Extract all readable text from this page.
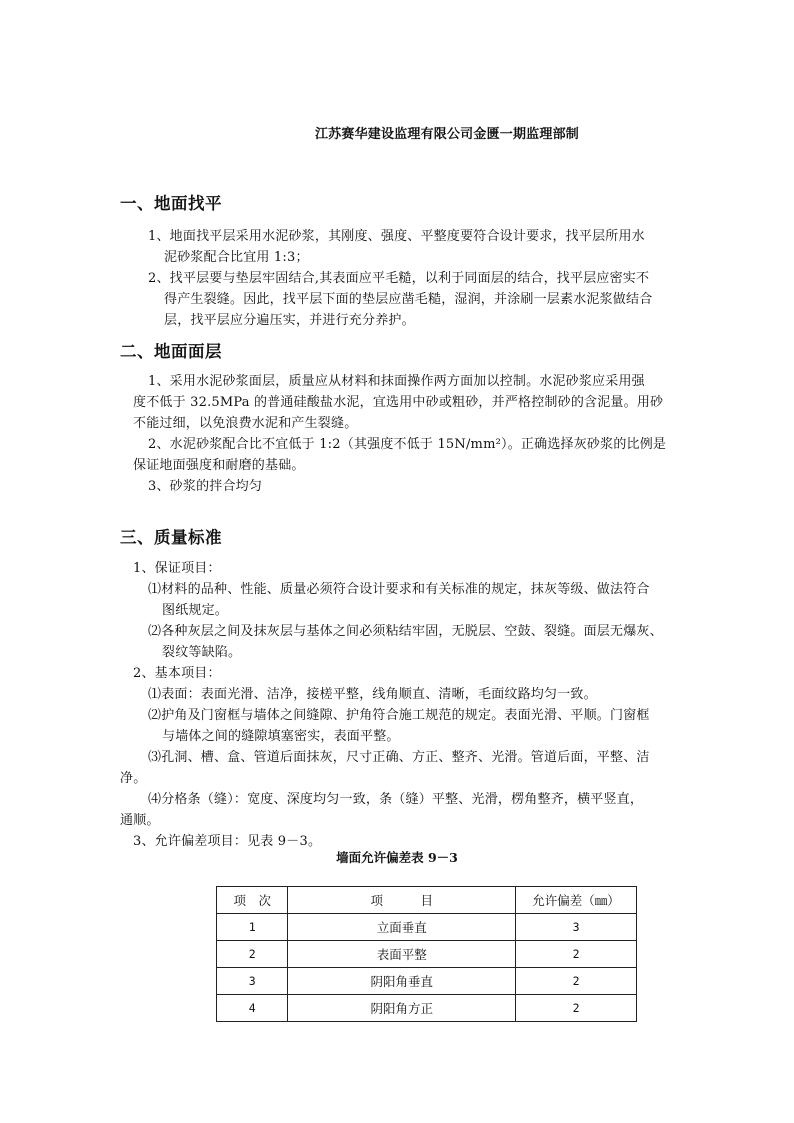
江苏赛华建设监理有限公司金匮一期监理部制
一、地面找平
1、地面找平层采用水泥砂浆，其刚度、强度、平整度要符合设计要求，找平层所用水
泥砂浆配合比宜用 1:3；
2、找平层要与垫层牢固结合,其表面应平毛糙，以利于同面层的结合，找平层应密实不
得产生裂缝。因此，找平层下面的垫层应凿毛糙，湿润，并涂刷一层素水泥浆做结合
层，找平层应分遍压实，并进行充分养护。
二、地面面层
1、采用水泥砂浆面层，质量应从材料和抹面操作两方面加以控制。水泥砂浆应采用强
度不低于 32.5MPa 的普通硅酸盐水泥，宜选用中砂或粗砂，并严格控制砂的含泥量。用砂
不能过细，以免浪费水泥和产生裂缝。
2、水泥砂浆配合比不宜低于 1:2（其强度不低于 15N/mm²）。正确选择灰砂浆的比例是
保证地面强度和耐磨的基础。
3、砂浆的拌合均匀
三、质量标准
1、保证项目：
⑴材料的品种、性能、质量必须符合设计要求和有关标准的规定，抹灰等级、做法符合
图纸规定。
⑵各种灰层之间及抹灰层与基体之间必须粘结牢固，无脱层、空鼓、裂缝。面层无爆灰、
裂纹等缺陷。
2、基本项目：
⑴表面：表面光滑、洁净，接槎平整，线角顺直、清晰，毛面纹路均匀一致。
⑵护角及门窗框与墙体之间缝隙、护角符合施工规范的规定。表面光滑、平顺。门窗框
与墙体之间的缝隙填塞密实，表面平整。
⑶孔洞、槽、盒、管道后面抹灰，尺寸正确、方正、整齐、光滑。管道后面，平整、洁
净。
⑷分格条（缝）：宽度、深度均匀一致，条（缝）平整、光滑，楞角整齐，横平竖直，
通顺。
3、允许偏差项目：见表 9－3。
墙面允许偏差表 9－3
项　次	项　　　目	允许偏差（㎜）
1	立面垂直	3
2	表面平整	2
3	阴阳角垂直	2
4	阴阳角方正	2
